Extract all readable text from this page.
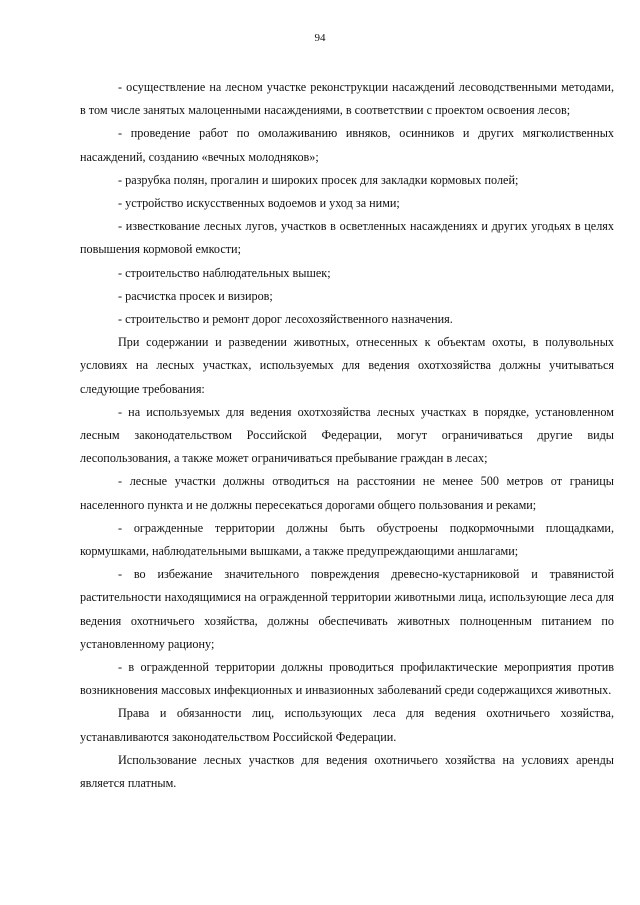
94

- осуществление на лесном участке реконструкции насаждений лесоводственными методами, в том числе занятых малоценными насаждениями, в соответствии с проектом освоения лесов;

- проведение работ по омолаживанию ивняков, осинников и других мягколиственных насаждений, созданию «вечных молодняков»;

- разрубка полян, прогалин и широких просек для закладки кормовых полей;

- устройство искусственных водоемов и уход за ними;

- известкование лесных лугов, участков в осветленных насаждениях и других угодьях в целях повышения кормовой емкости;

- строительство наблюдательных вышек;

- расчистка просек и визиров;

- строительство и ремонт дорог лесохозяйственного назначения.

При содержании и разведении животных, отнесенных к объектам охоты, в полувольных условиях на лесных участках, используемых для ведения охотхозяйства должны учитываться следующие требования:

- на используемых для ведения охотхозяйства лесных участках в порядке, установленном лесным законодательством Российской Федерации, могут ограничиваться другие виды лесопользования, а также может ограничиваться пребывание граждан в лесах;

- лесные участки должны отводиться на расстоянии не менее 500 метров от границы населенного пункта и не должны пересекаться дорогами общего пользования и реками;

- огражденные территории должны быть обустроены подкормочными площадками, кормушками, наблюдательными вышками, а также предупреждающими аншлагами;

- во избежание значительного повреждения древесно-кустарниковой и травянистой растительности находящимися на огражденной территории животными лица, использующие леса для ведения охотничьего хозяйства, должны обеспечивать животных полноценным питанием по установленному рациону;

- в огражденной территории должны проводиться профилактические мероприятия против возникновения массовых инфекционных и инвазионных заболеваний среди содержащихся животных.

Права и обязанности лиц, использующих леса для ведения охотничьего хозяйства, устанавливаются законодательством Российской Федерации.

Использование лесных участков для ведения охотничьего хозяйства на условиях аренды является платным.
